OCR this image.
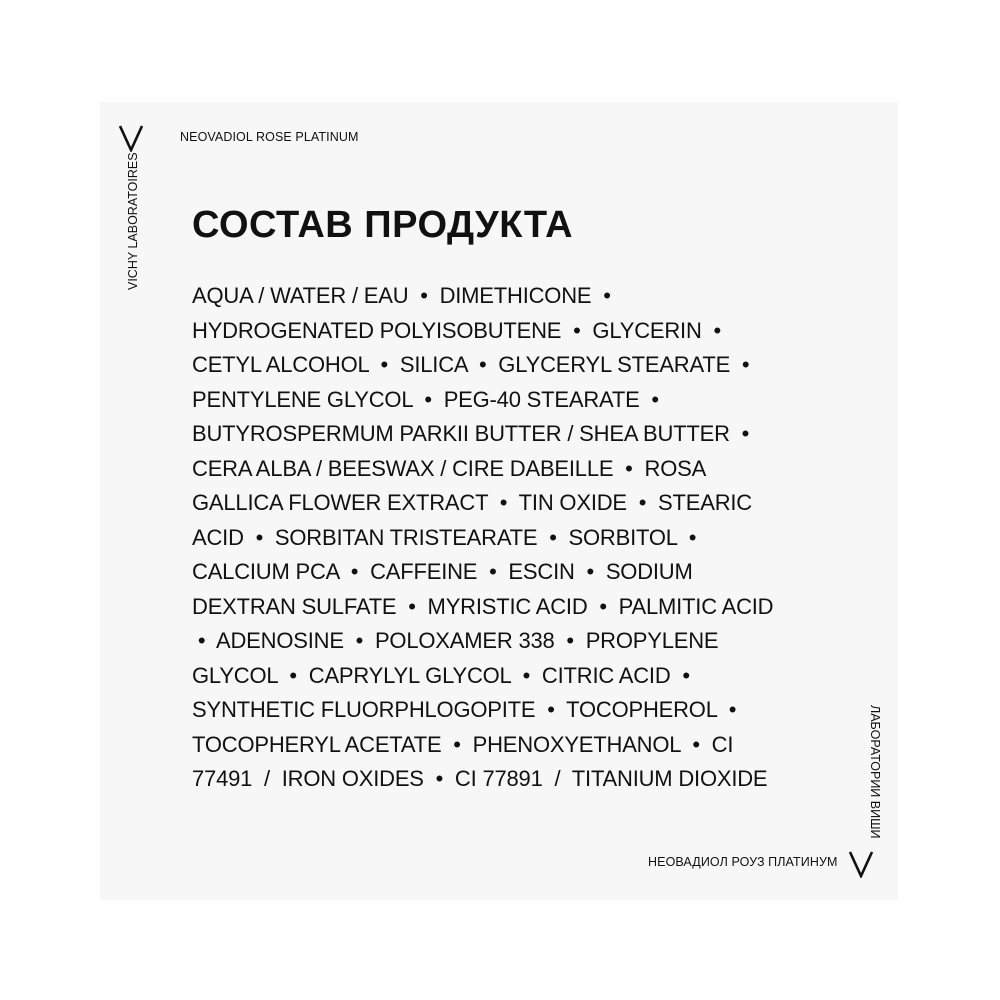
NEOVADIOL ROSE PLATINUM
VICHY LABORATOIRES СОСТАВ ПРОДУКТА
AQUA / WATER / EAU  •  DIMETHICONE  •
HYDROGENATED POLYISOBUTENE  •  GLYCERIN  •
CETYL ALCOHOL  •  SILICA  •  GLYCERYL STEARATE  •
PENTYLENE GLYCOL  •  PEG-40 STEARATE  •
BUTYROSPERMUM PARKII BUTTER / SHEA BUTTER  •
CERA ALBA / BEESWAX / CIRE DABEILLE  •  ROSA
GALLICA FLOWER EXTRACT  •  TIN OXIDE  •  STEARIC
ACID  •  SORBITAN TRISTEARATE  •  SORBITOL  •
CALCIUM PCA  •  CAFFEINE  •  ESCIN  •  SODIUM
DEXTRAN SULFATE  •  MYRISTIC ACID  •  PALMITIC ACID
•  ADENOSINE  •  POLOXAMER 338  •  PROPYLENE
GLYCOL  •  CAPRYLYL GLYCOL  •  CITRIC ACID  •
SYNTHETIC FLUORPHLOGOPITE  •  TOCOPHEROL  •
TOCOPHERYL ACETATE  •  PHENOXYETHANOL  •  CI
77491  /  IRON OXIDES  •  CI 77891  /  TITANIUM DIOXIDE	ЛАБОРАТОРИИ ВИШИ
НЕОВАДИОЛ РОУЗ ПЛАТИНУМ
